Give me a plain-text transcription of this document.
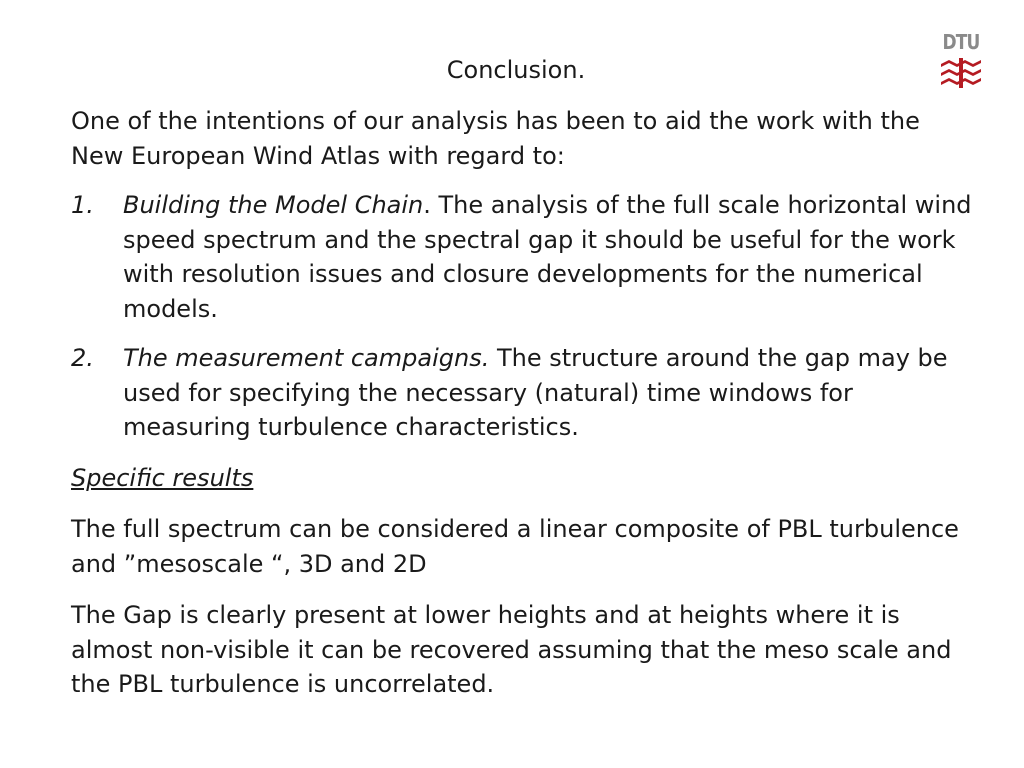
DTU
Conclusion.

One of the intentions of our analysis has been to aid the work with the New European Wind Atlas with regard to:

1. Building the Model Chain. The analysis of the full scale horizontal wind speed spectrum and the spectral gap it should be useful for the work with resolution issues and closure developments for the numerical models.
2. The measurement campaigns. The structure around the gap may be used for specifying the necessary (natural) time windows for measuring turbulence characteristics.

Specific results

The full spectrum can be considered a linear composite of PBL turbulence and ”mesoscale “, 3D and 2D

The Gap is clearly present at lower heights and at heights where it is almost non-visible it can be recovered assuming that the meso scale and the PBL turbulence is uncorrelated.
